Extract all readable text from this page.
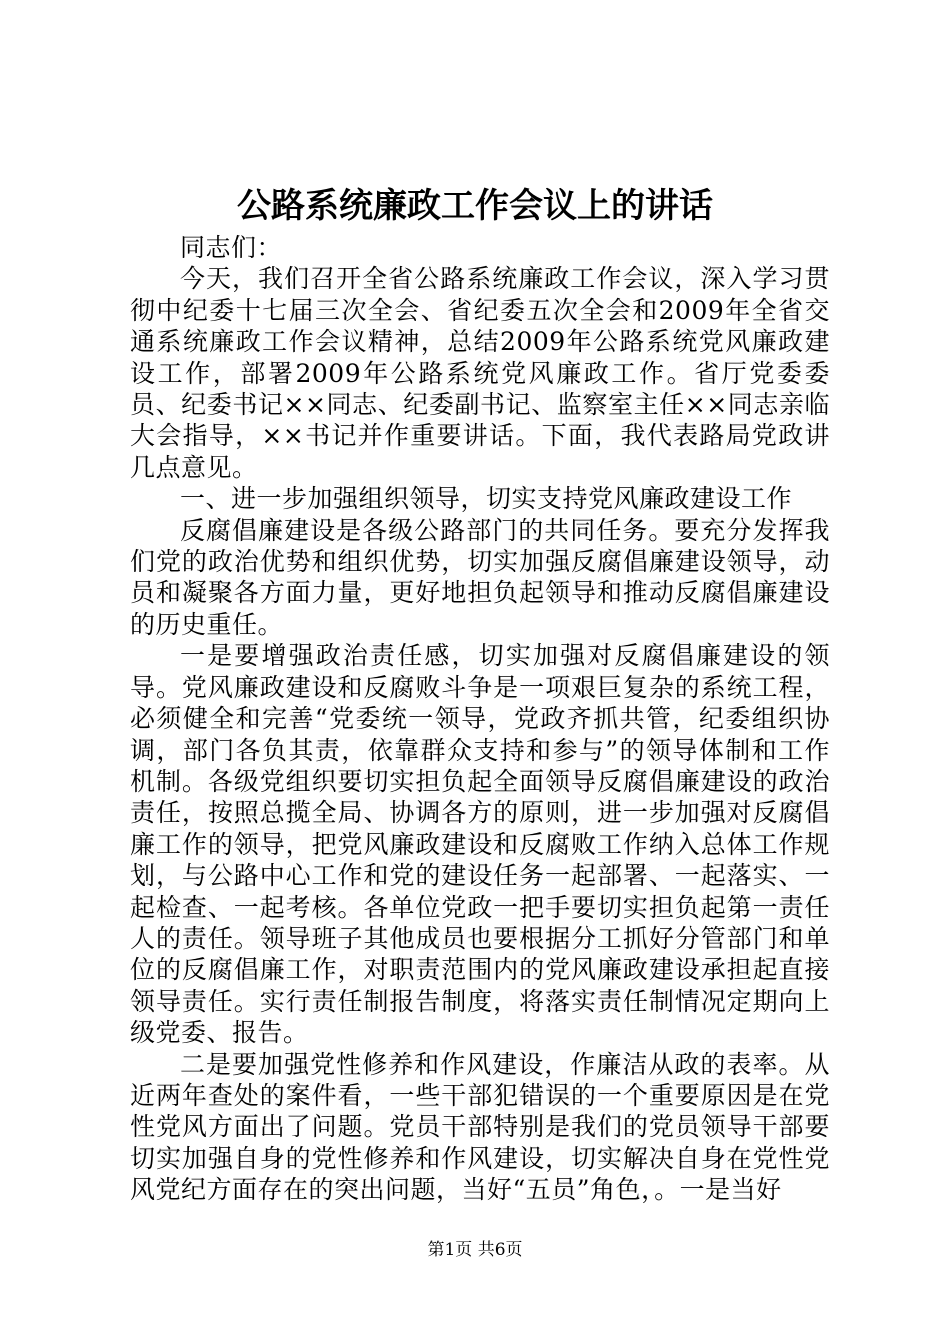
公路系统廉政工作会议上的讲话

同志们：

今天，我们召开全省公路系统廉政工作会议，深入学习贯彻中纪委十七届三次全会、省纪委五次全会和2009年全省交通系统廉政工作会议精神，总结2009年公路系统党风廉政建设工作，部署2009年公路系统党风廉政工作。省厅党委委员、纪委书记××同志、纪委副书记、监察室主任××同志亲临大会指导，××书记并作重要讲话。下面，我代表路局党政讲几点意见。

一、进一步加强组织领导，切实支持党风廉政建设工作

反腐倡廉建设是各级公路部门的共同任务。要充分发挥我们党的政治优势和组织优势，切实加强反腐倡廉建设领导，动员和凝聚各方面力量，更好地担负起领导和推动反腐倡廉建设的历史重任。

一是要增强政治责任感，切实加强对反腐倡廉建设的领导。党风廉政建设和反腐败斗争是一项艰巨复杂的系统工程，必须健全和完善“党委统一领导，党政齐抓共管，纪委组织协调，部门各负其责，依靠群众支持和参与”的领导体制和工作机制。各级党组织要切实担负起全面领导反腐倡廉建设的政治责任，按照总揽全局、协调各方的原则，进一步加强对反腐倡廉工作的领导，把党风廉政建设和反腐败工作纳入总体工作规划，与公路中心工作和党的建设任务一起部署、一起落实、一起检查、一起考核。各单位党政一把手要切实担负起第一责任人的责任。领导班子其他成员也要根据分工抓好分管部门和单位的反腐倡廉工作，对职责范围内的党风廉政建设承担起直接领导责任。实行责任制报告制度，将落实责任制情况定期向上级党委、报告。

二是要加强党性修养和作风建设，作廉洁从政的表率。从近两年查处的案件看，一些干部犯错误的一个重要原因是在党性党风方面出了问题。党员干部特别是我们的党员领导干部要切实加强自身的党性修养和作风建设，切实解决自身在党性党风党纪方面存在的突出问题，当好“五员”角色，。一是当好

第1页 共6页
